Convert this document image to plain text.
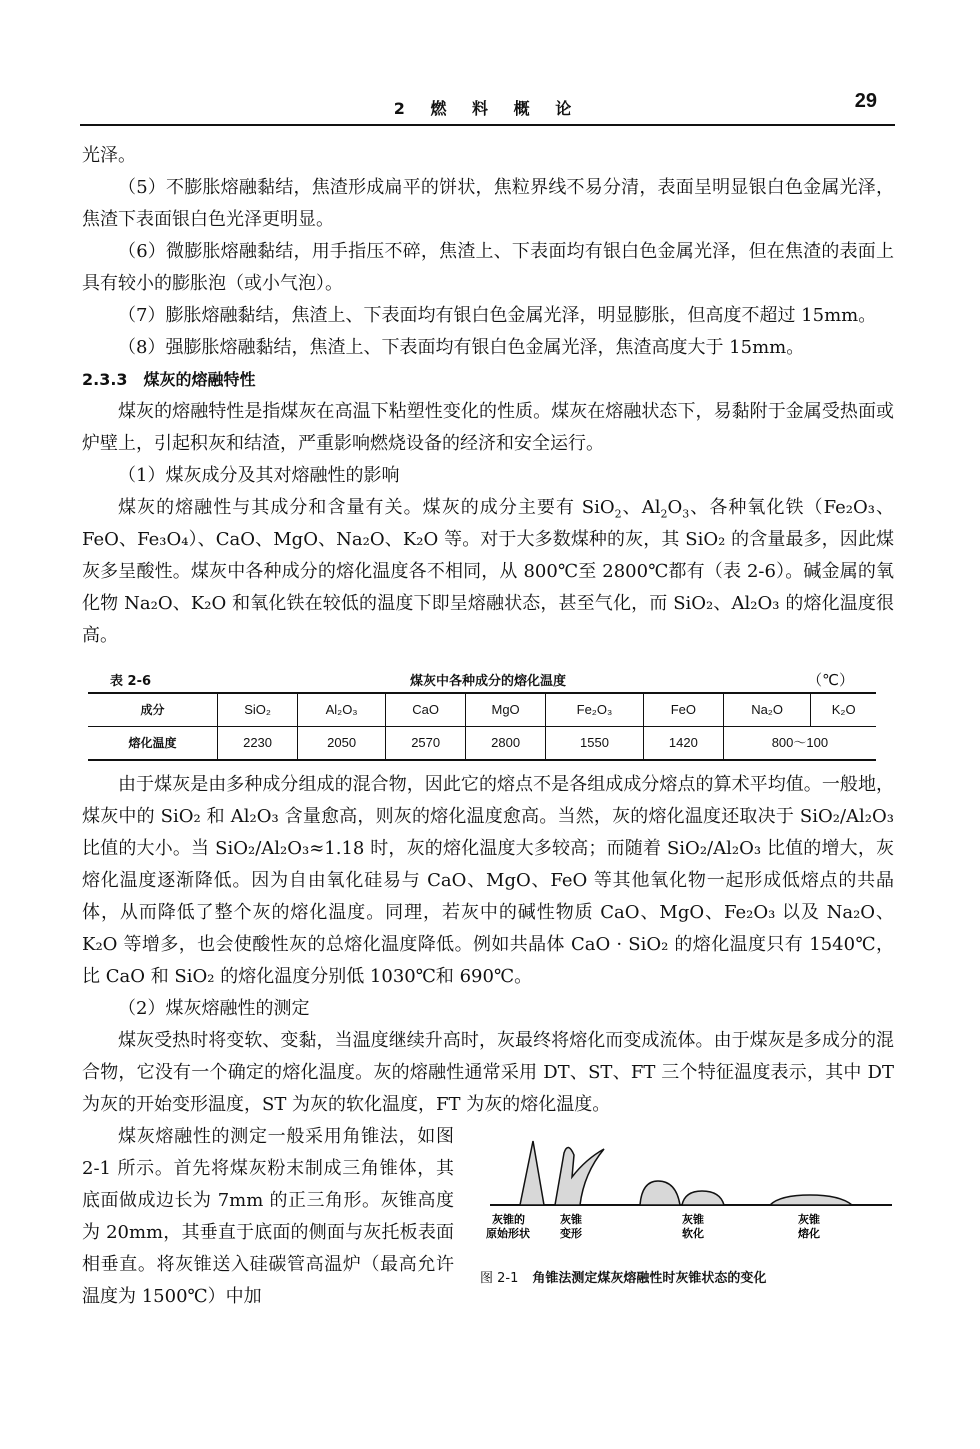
2 燃 料 概 论	29

光泽。

（5）不膨胀熔融黏结，焦渣形成扁平的饼状，焦粒界线不易分清，表面呈明显银白色金属光泽，焦渣下表面银白色光泽更明显。

（6）微膨胀熔融黏结，用手指压不碎，焦渣上、下表面均有银白色金属光泽，但在焦渣的表面上具有较小的膨胀泡（或小气泡）。

（7）膨胀熔融黏结，焦渣上、下表面均有银白色金属光泽，明显膨胀，但高度不超过 15mm。

（8）强膨胀熔融黏结，焦渣上、下表面均有银白色金属光泽，焦渣高度大于 15mm。

2.3.3　煤灰的熔融特性

煤灰的熔融特性是指煤灰在高温下粘塑性变化的性质。煤灰在熔融状态下，易黏附于金属受热面或炉壁上，引起积灰和结渣，严重影响燃烧设备的经济和安全运行。

（1）煤灰成分及其对熔融性的影响

煤灰的熔融性与其成分和含量有关。煤灰的成分主要有 SiO$_2$、$Al_2O_3$、各种氧化铁（Fe₂O₃、FeO、Fe₃O₄）、CaO、MgO、Na₂O、K₂O 等。对于大多数煤种的灰，其 SiO₂ 的含量最多，因此煤灰多呈酸性。煤灰中各种成分的熔化温度各不相同，从 800℃至 2800℃都有（表 2-6）。碱金属的氧化物 Na₂O、K₂O 和氧化铁在较低的温度下即呈熔融状态，甚至气化，而 SiO₂、Al₂O₃ 的熔化温度很高。

表 2-6	煤灰中各种成分的熔化温度	（℃）
成分	SiO₂	Al₂O₃	CaO	MgO	Fe₂O₃	FeO	Na₂O	K₂O
熔化温度	2230	2050	2570	2800	1550	1420	800～100	

由于煤灰是由多种成分组成的混合物，因此它的熔点不是各组成成分熔点的算术平均值。一般地，煤灰中的 SiO₂ 和 Al₂O₃ 含量愈高，则灰的熔化温度愈高。当然，灰的熔化温度还取决于 SiO₂/Al₂O₃ 比值的大小。当 SiO₂/Al₂O₃≈1.18 时，灰的熔化温度大多较高；而随着 SiO₂/Al₂O₃ 比值的增大，灰熔化温度逐渐降低。因为自由氧化硅易与 CaO、MgO、FeO 等其他氧化物一起形成低熔点的共晶体，从而降低了整个灰的熔化温度。同理，若灰中的碱性物质 CaO、MgO、Fe₂O₃ 以及 Na₂O、K₂O 等增多，也会使酸性灰的总熔化温度降低。例如共晶体 CaO · SiO₂ 的熔化温度只有 1540℃，比 CaO 和 SiO₂ 的熔化温度分别低 1030℃和 690℃。

（2）煤灰熔融性的测定

煤灰受热时将变软、变黏，当温度继续升高时，灰最终将熔化而变成流体。由于煤灰是多成分的混合物，它没有一个确定的熔化温度。灰的熔融性通常采用 DT、ST、FT 三个特征温度表示，其中 DT 为灰的开始变形温度，ST 为灰的软化温度，FT 为灰的熔化温度。

煤灰熔融性的测定一般采用角锥法，如图 2-1 所示。首先将煤灰粉末制成三角锥体，其底面做成边长为 7mm 的正三角形。灰锥高度为 20mm，其垂直于底面的侧面与灰托板表面相垂直。将灰锥送入硅碳管高温炉（最高允许温度为 1500℃）中加

灰锥的
原始形状
灰锥
变形
灰锥
软化
灰锥
熔化
图 2-1 角锥法测定煤灰熔融性时灰锥状态的变化
